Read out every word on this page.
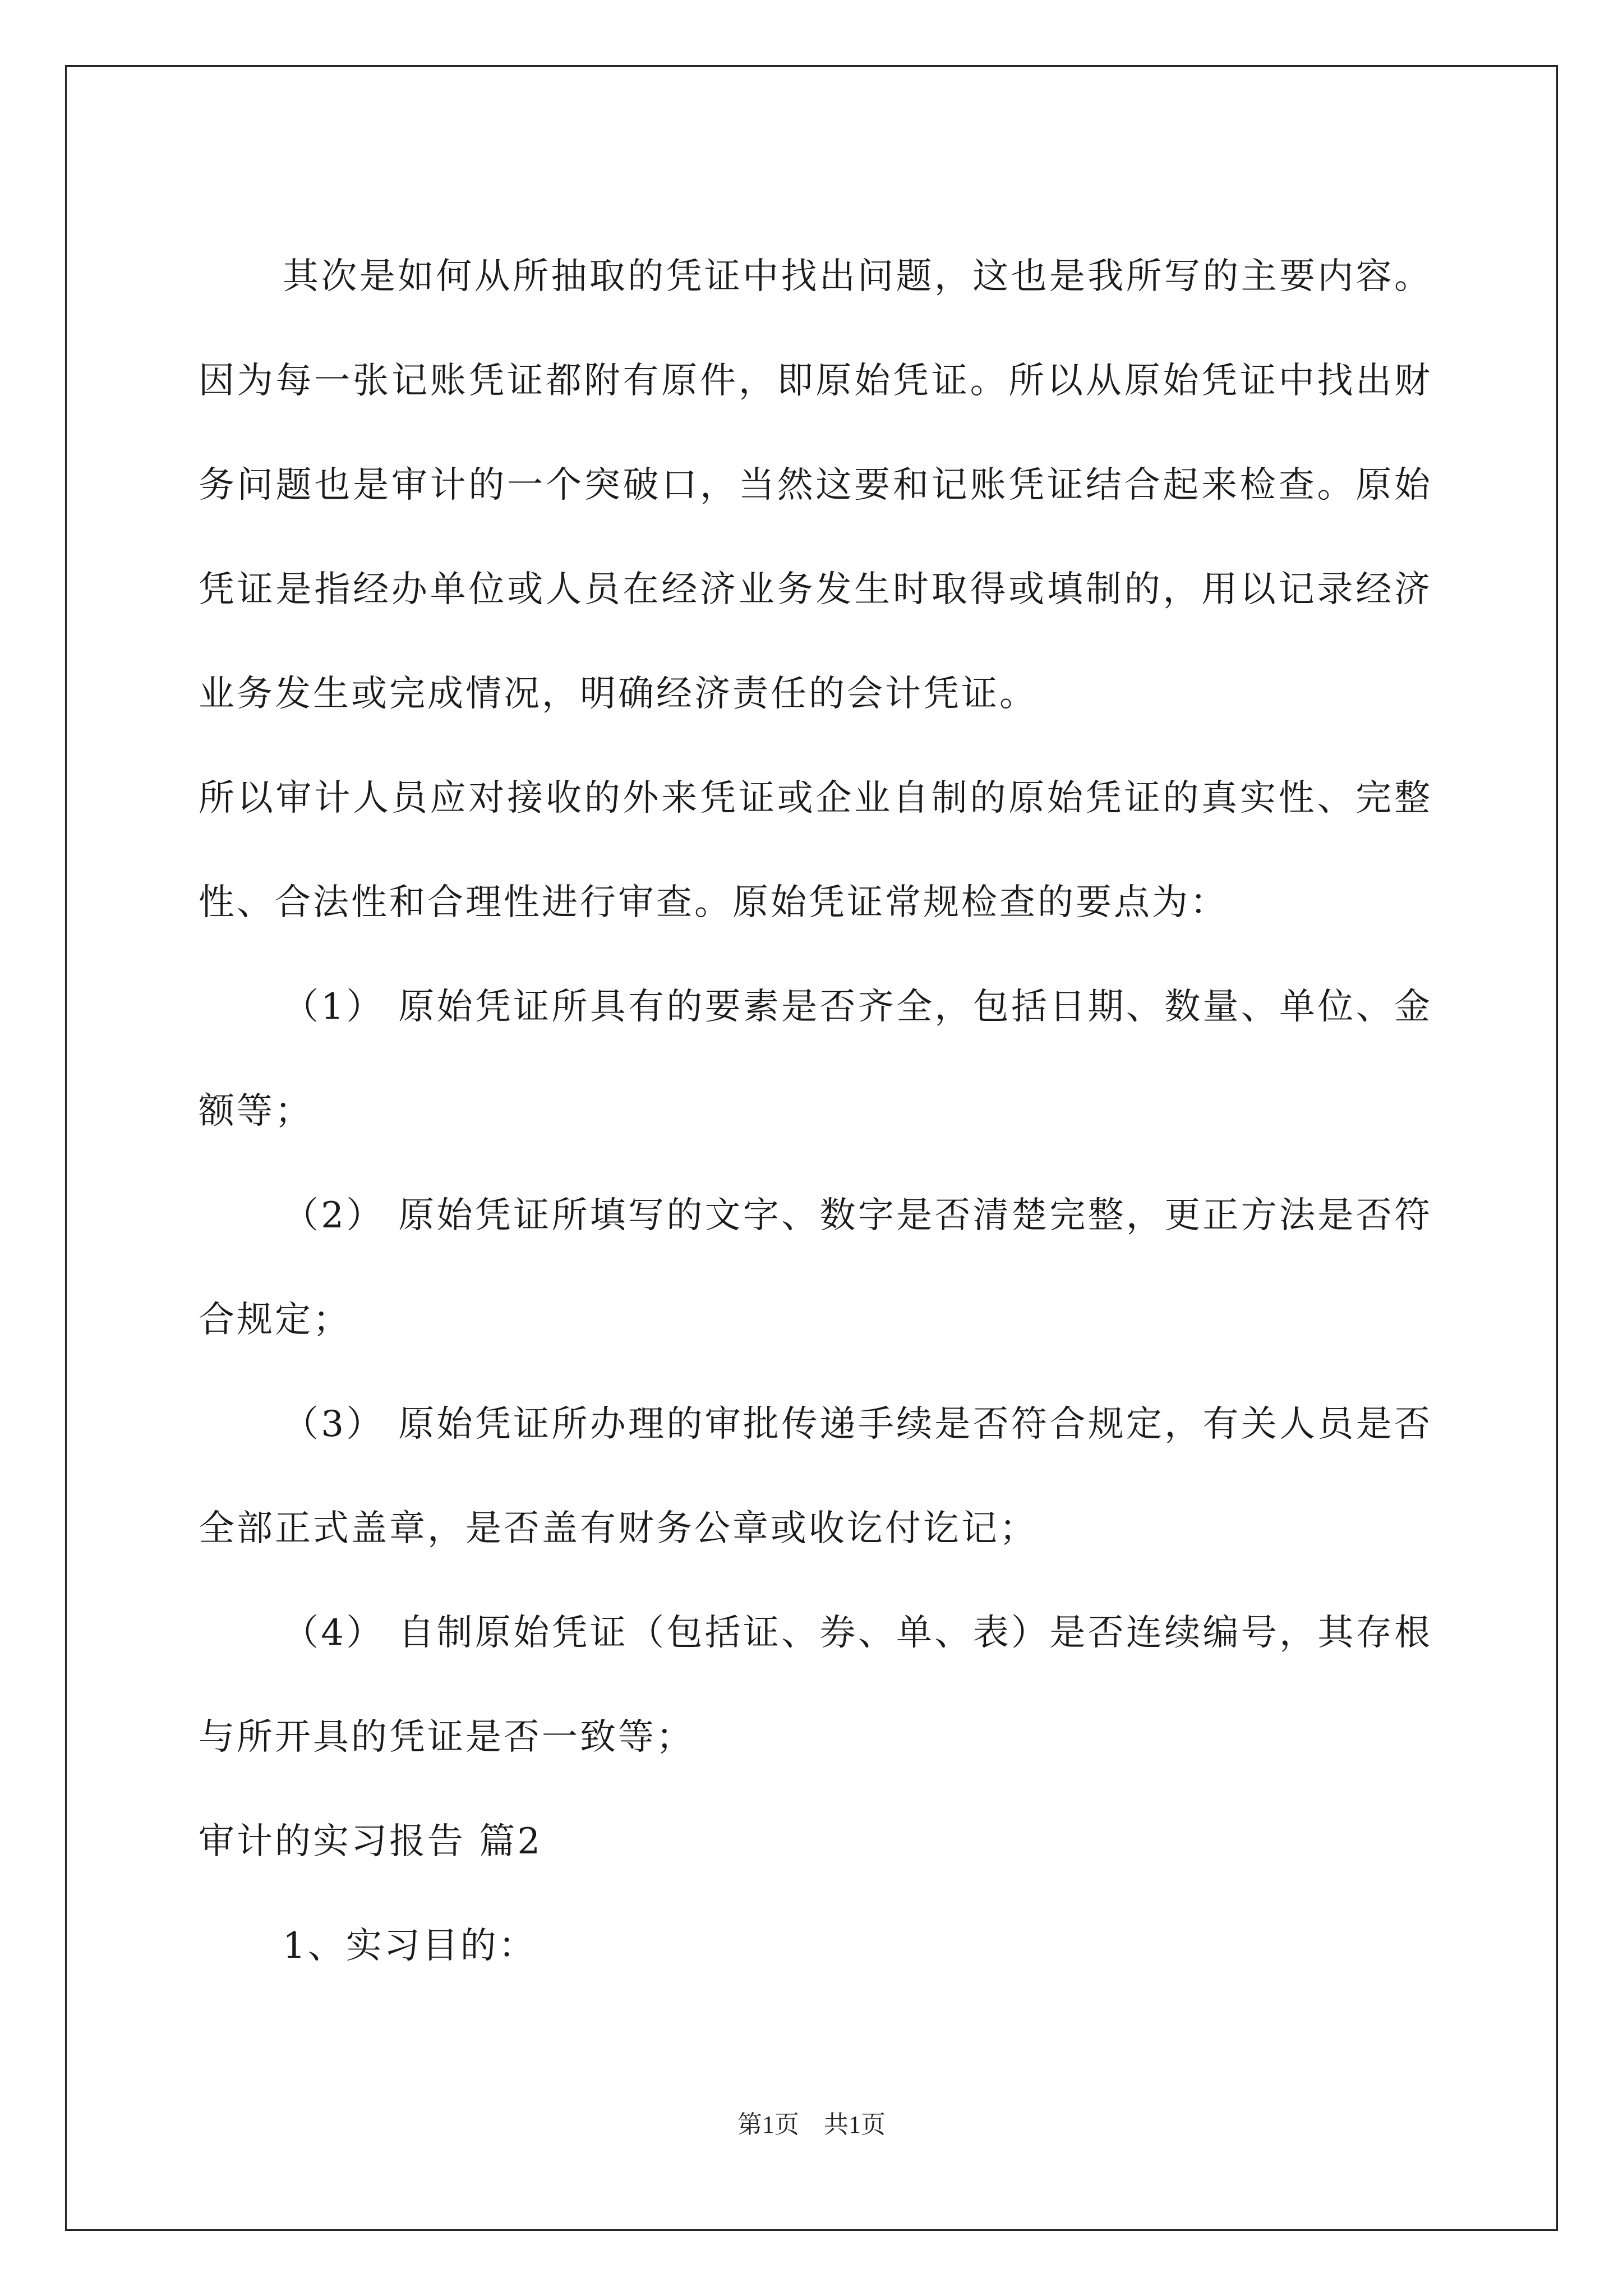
其次是如何从所抽取的凭证中找出问题，这也是我所写的主要内容。因为每一张记账凭证都附有原件，即原始凭证。所以从原始凭证中找出财务问题也是审计的一个突破口，当然这要和记账凭证结合起来检查。原始凭证是指经办单位或人员在经济业务发生时取得或填制的，用以记录经济业务发生或完成情况，明确经济责任的会计凭证。

所以审计人员应对接收的外来凭证或企业自制的原始凭证的真实性、完整性、合法性和合理性进行审查。原始凭证常规检查的要点为：

（1） 原始凭证所具有的要素是否齐全，包括日期、数量、单位、金额等；

（2） 原始凭证所填写的文字、数字是否清楚完整，更正方法是否符合规定；

（3） 原始凭证所办理的审批传递手续是否符合规定，有关人员是否全部正式盖章，是否盖有财务公章或收讫付讫记；

（4） 自制原始凭证（包括证、券、单、表）是否连续编号，其存根与所开具的凭证是否一致等；

审计的实习报告 篇2

1、实习目的：

第1页 共1页
